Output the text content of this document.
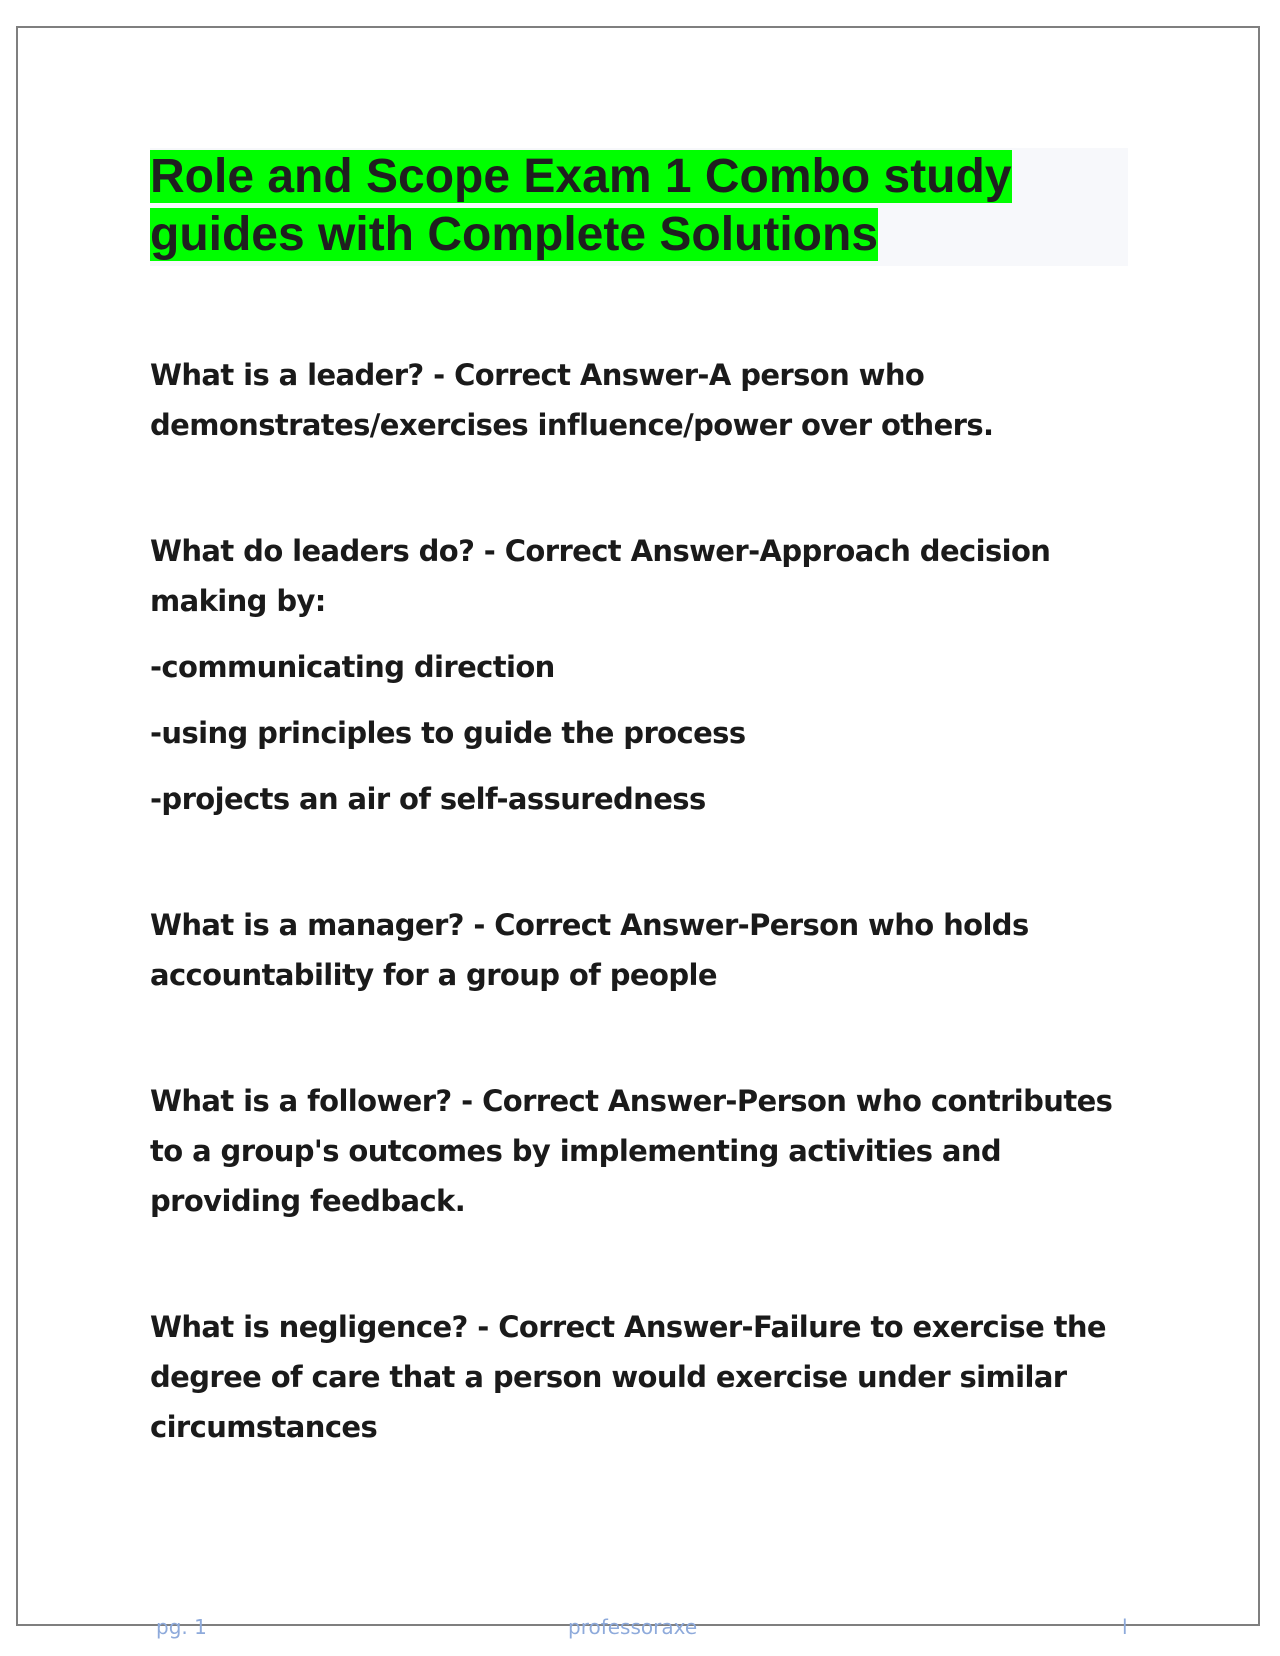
Role and Scope Exam 1 Combo study guides with Complete Solutions

What is a leader? - Correct Answer-A person who demonstrates/exercises influence/power over others.

What do leaders do? - Correct Answer-Approach decision making by:

-communicating direction

-using principles to guide the process

-projects an air of self-assuredness

What is a manager? - Correct Answer-Person who holds accountability for a group of people

What is a follower? - Correct Answer-Person who contributes to a group's outcomes by implementing activities and providing feedback.

What is negligence? - Correct Answer-Failure to exercise the degree of care that a person would exercise under similar circumstances

pg. 1	professoraxe	l
